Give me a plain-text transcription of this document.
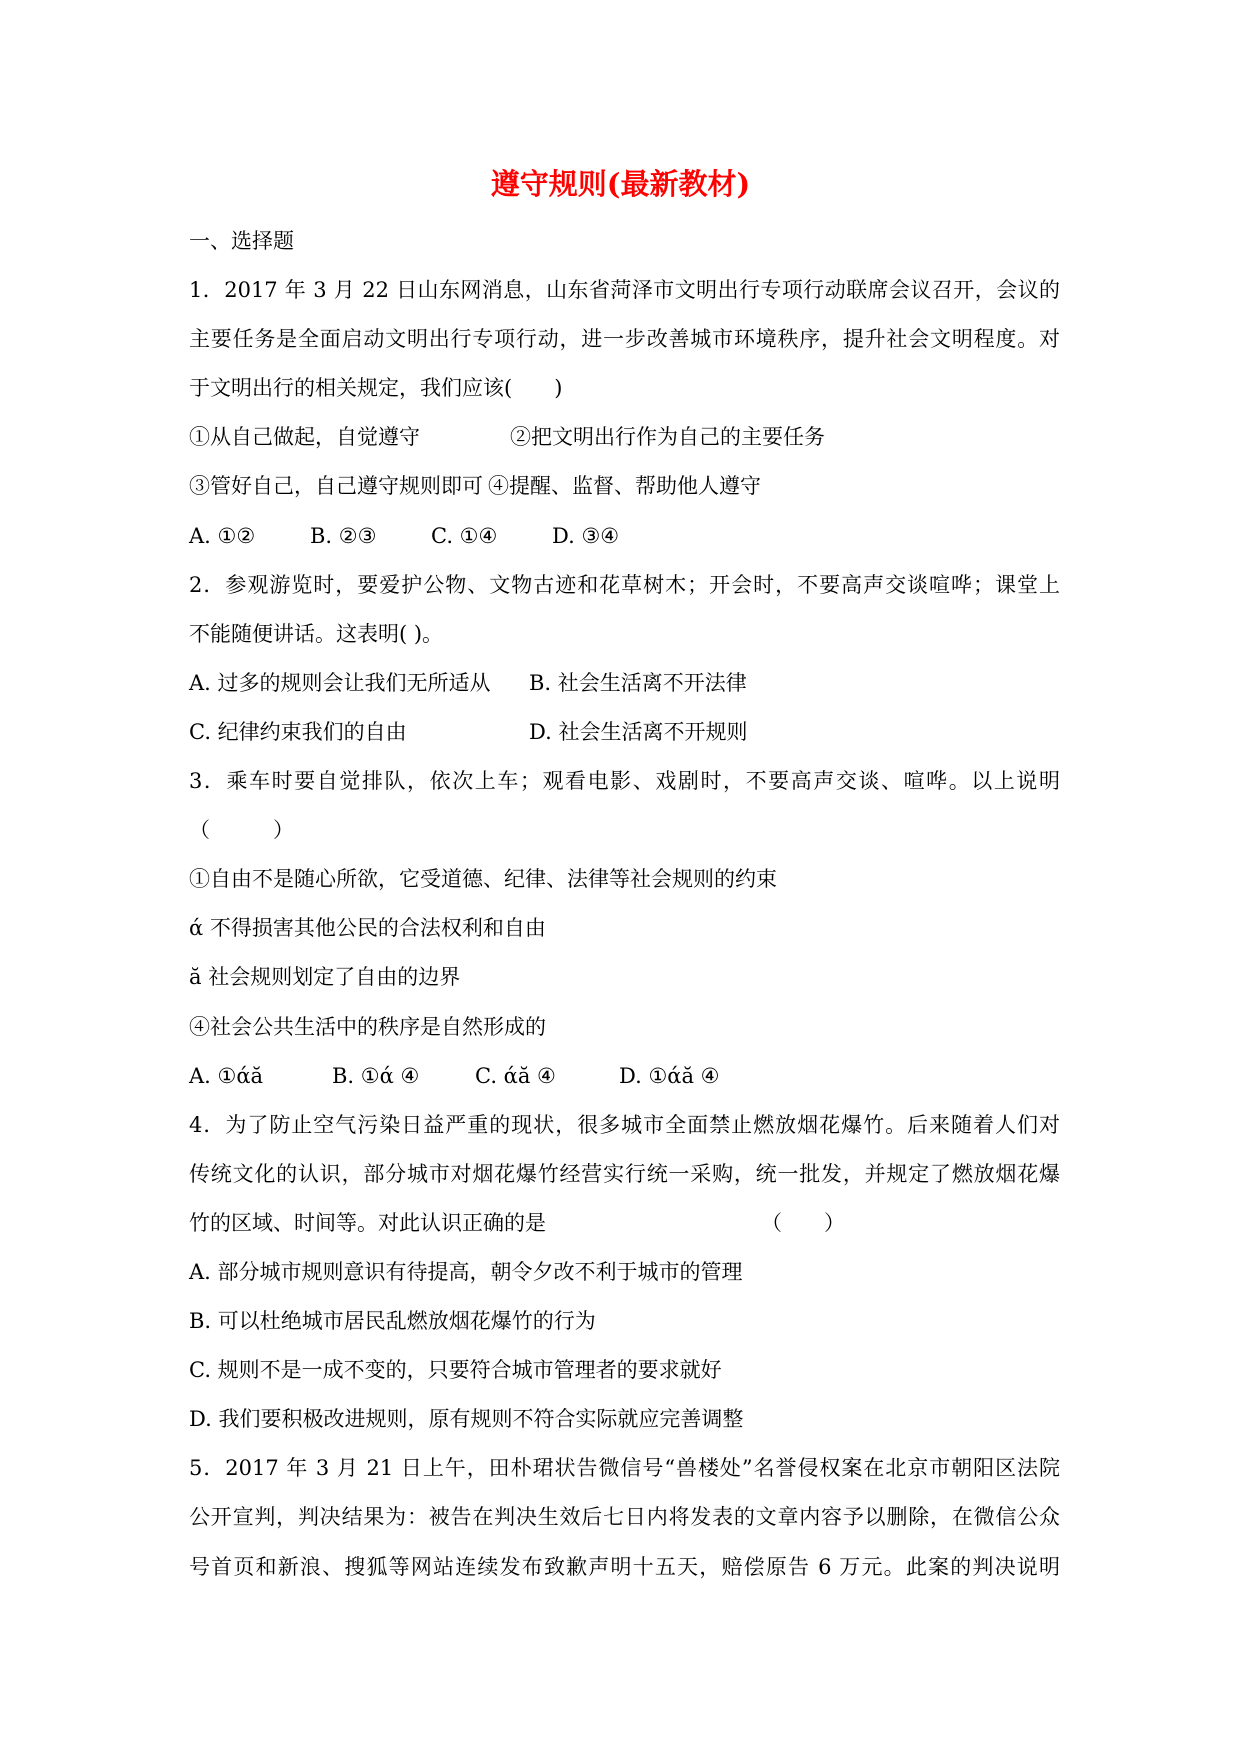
遵守规则(最新教材)
一、选择题
1．2017 年 3 月 22 日山东网消息，山东省菏泽市文明出行专项行动联席会议召开，会议的
主要任务是全面启动文明出行专项行动，进一步改善城市环境秩序，提升社会文明程度。对
于文明出行的相关规定，我们应该(　　)
①从自己做起，自觉遵守	②把文明出行作为自己的主要任务
③管好自己，自己遵守规则即可 ④提醒、监督、帮助他人遵守
A. ①②	B. ②③	C. ①④	D. ③④
2．参观游览时，要爱护公物、文物古迹和花草树木；开会时，不要高声交谈喧哗；课堂上
不能随便讲话。这表明( )。
A. 过多的规则会让我们无所适从 B. 社会生活离不开法律
C. 纪律约束我们的自由	D. 社会生活离不开规则
3．乘车时要自觉排队，依次上车；观看电影、戏剧时，不要高声交谈、喧哗。以上说明
（　　　）
①自由不是随心所欲，它受道德、纪律、法律等社会规则的约束
ά 不得损害其他公民的合法权利和自由
ă 社会规则划定了自由的边界
④社会公共生活中的秩序是自然形成的
A. ①άă	B. ①ά ④	C. άă ④	D. ①άă ④
4．为了防止空气污染日益严重的现状，很多城市全面禁止燃放烟花爆竹。后来随着人们对
传统文化的认识，部分城市对烟花爆竹经营实行统一采购，统一批发，并规定了燃放烟花爆
竹的区域、时间等。对此认识正确的是	（　　）
A. 部分城市规则意识有待提高，朝令夕改不利于城市的管理
B. 可以杜绝城市居民乱燃放烟花爆竹的行为
C. 规则不是一成不变的，只要符合城市管理者的要求就好
D. 我们要积极改进规则，原有规则不符合实际就应完善调整
5．2017 年 3 月 21 日上午，田朴珺状告微信号“兽楼处”名誉侵权案在北京市朝阳区法院
公开宣判，判决结果为：被告在判决生效后七日内将发表的文章内容予以删除，在微信公众
号首页和新浪、搜狐等网站连续发布致歉声明十五天，赔偿原告 6 万元。此案的判决说明
